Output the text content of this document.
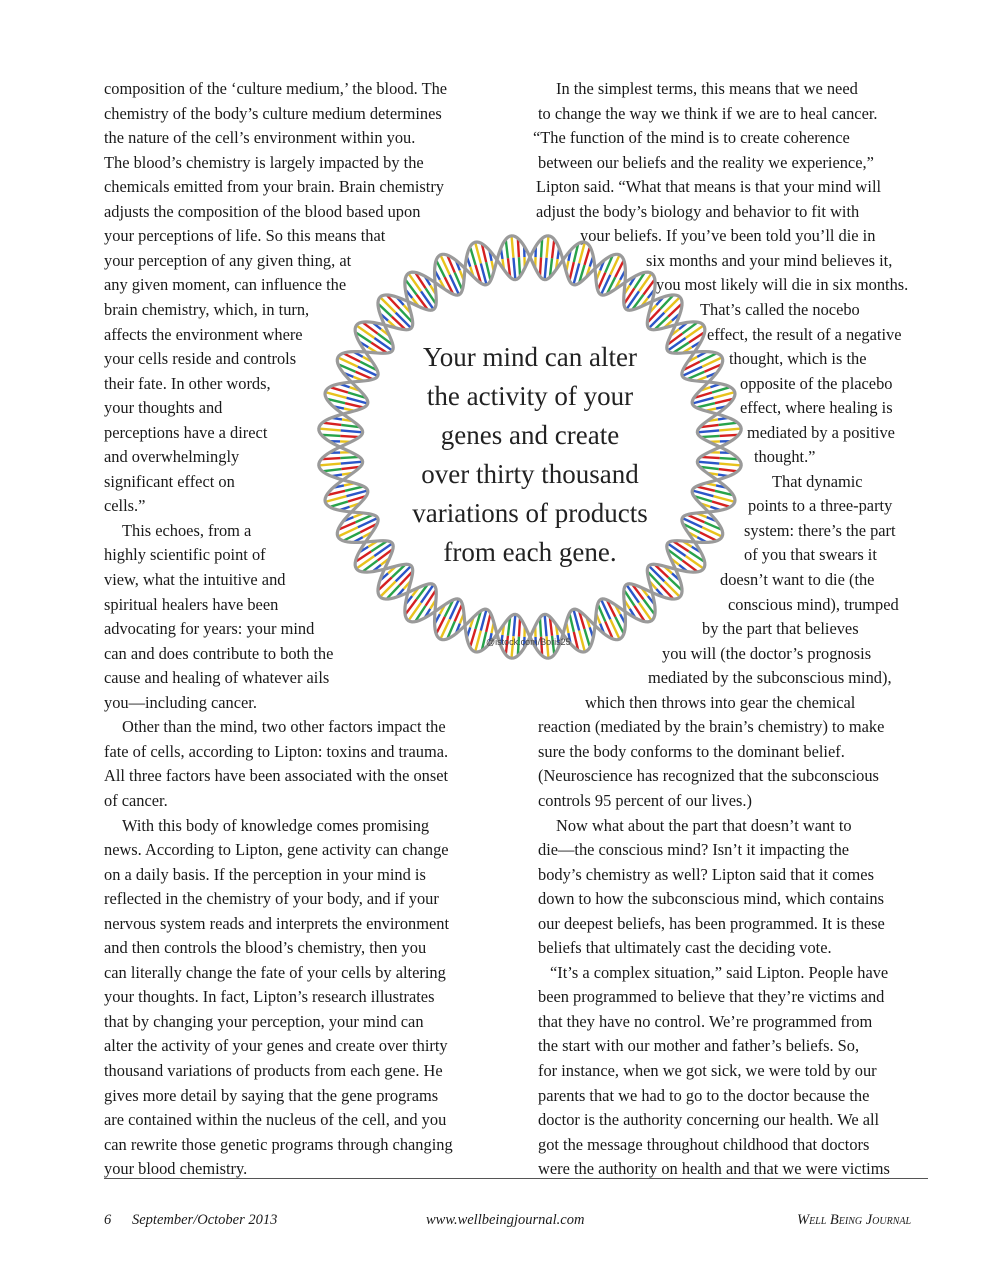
composition of the ‘culture medium,’ the blood. The
chemistry of the body’s culture medium determines
the nature of the cell’s environment within you.
The blood’s chemistry is largely impacted by the
chemicals emitted from your brain. Brain chemistry
adjusts the composition of the blood based upon
your perceptions of life. So this means that
your perception of any given thing, at
any given moment, can influence the
brain chemistry, which, in turn,
affects the environment where
your cells reside and controls
their fate. In other words,
your thoughts and
perceptions have a direct
and overwhelmingly
significant effect on
cells.”
This echoes, from a
highly scientific point of
view, what the intuitive and
spiritual healers have been
advocating for years: your mind
can and does contribute to both the
cause and healing of whatever ails
you—including cancer.
Other than the mind, two other factors impact the
fate of cells, according to Lipton: toxins and trauma.
All three factors have been associated with the onset
of cancer.
With this body of knowledge comes promising
news. According to Lipton, gene activity can change
on a daily basis. If the perception in your mind is
reflected in the chemistry of your body, and if your
nervous system reads and interprets the environment
and then controls the blood’s chemistry, then you
can literally change the fate of your cells by altering
your thoughts. In fact, Lipton’s research illustrates
that by changing your perception, your mind can
alter the activity of your genes and create over thirty
thousand variations of products from each gene. He
gives more detail by saying that the gene programs
are contained within the nucleus of the cell, and you
can rewrite those genetic programs through changing
your blood chemistry.
In the simplest terms, this means that we need
to change the way we think if we are to heal cancer.
“The function of the mind is to create coherence
between our beliefs and the reality we experience,”
Lipton said. “What that means is that your mind will
adjust the body’s biology and behavior to fit with
your beliefs. If you’ve been told you’ll die in
six months and your mind believes it,
you most likely will die in six months.
That’s called the nocebo
effect, the result of a negative
thought, which is the
opposite of the placebo
effect, where healing is
mediated by a positive
thought.”
That dynamic
points to a three-party
system: there’s the part
of you that swears it
doesn’t want to die (the
conscious mind), trumped
by the part that believes
you will (the doctor’s prognosis
mediated by the subconscious mind),
which then throws into gear the chemical
reaction (mediated by the brain’s chemistry) to make
sure the body conforms to the dominant belief.
(Neuroscience has recognized that the subconscious
controls 95 percent of our lives.)
Now what about the part that doesn’t want to
die—the conscious mind? Isn’t it impacting the
body’s chemistry as well? Lipton said that it comes
down to how the subconscious mind, which contains
our deepest beliefs, has been programmed. It is these
beliefs that ultimately cast the deciding vote.
“It’s a complex situation,” said Lipton. People have
been programmed to believe that they’re victims and
that they have no control. We’re programmed from
the start with our mother and father’s beliefs. So,
for instance, when we got sick, we were told by our
parents that we had to go to the doctor because the
doctor is the authority concerning our health. We all
got the message throughout childhood that doctors
were the authority on health and that we were victims
Your mind can alter
the activity of your
genes and create
over thirty thousand
variations of products
from each gene.
@istock.com/Boris25
6 September/October 2013	www.wellbeingjournal.com	Well Being Journal
